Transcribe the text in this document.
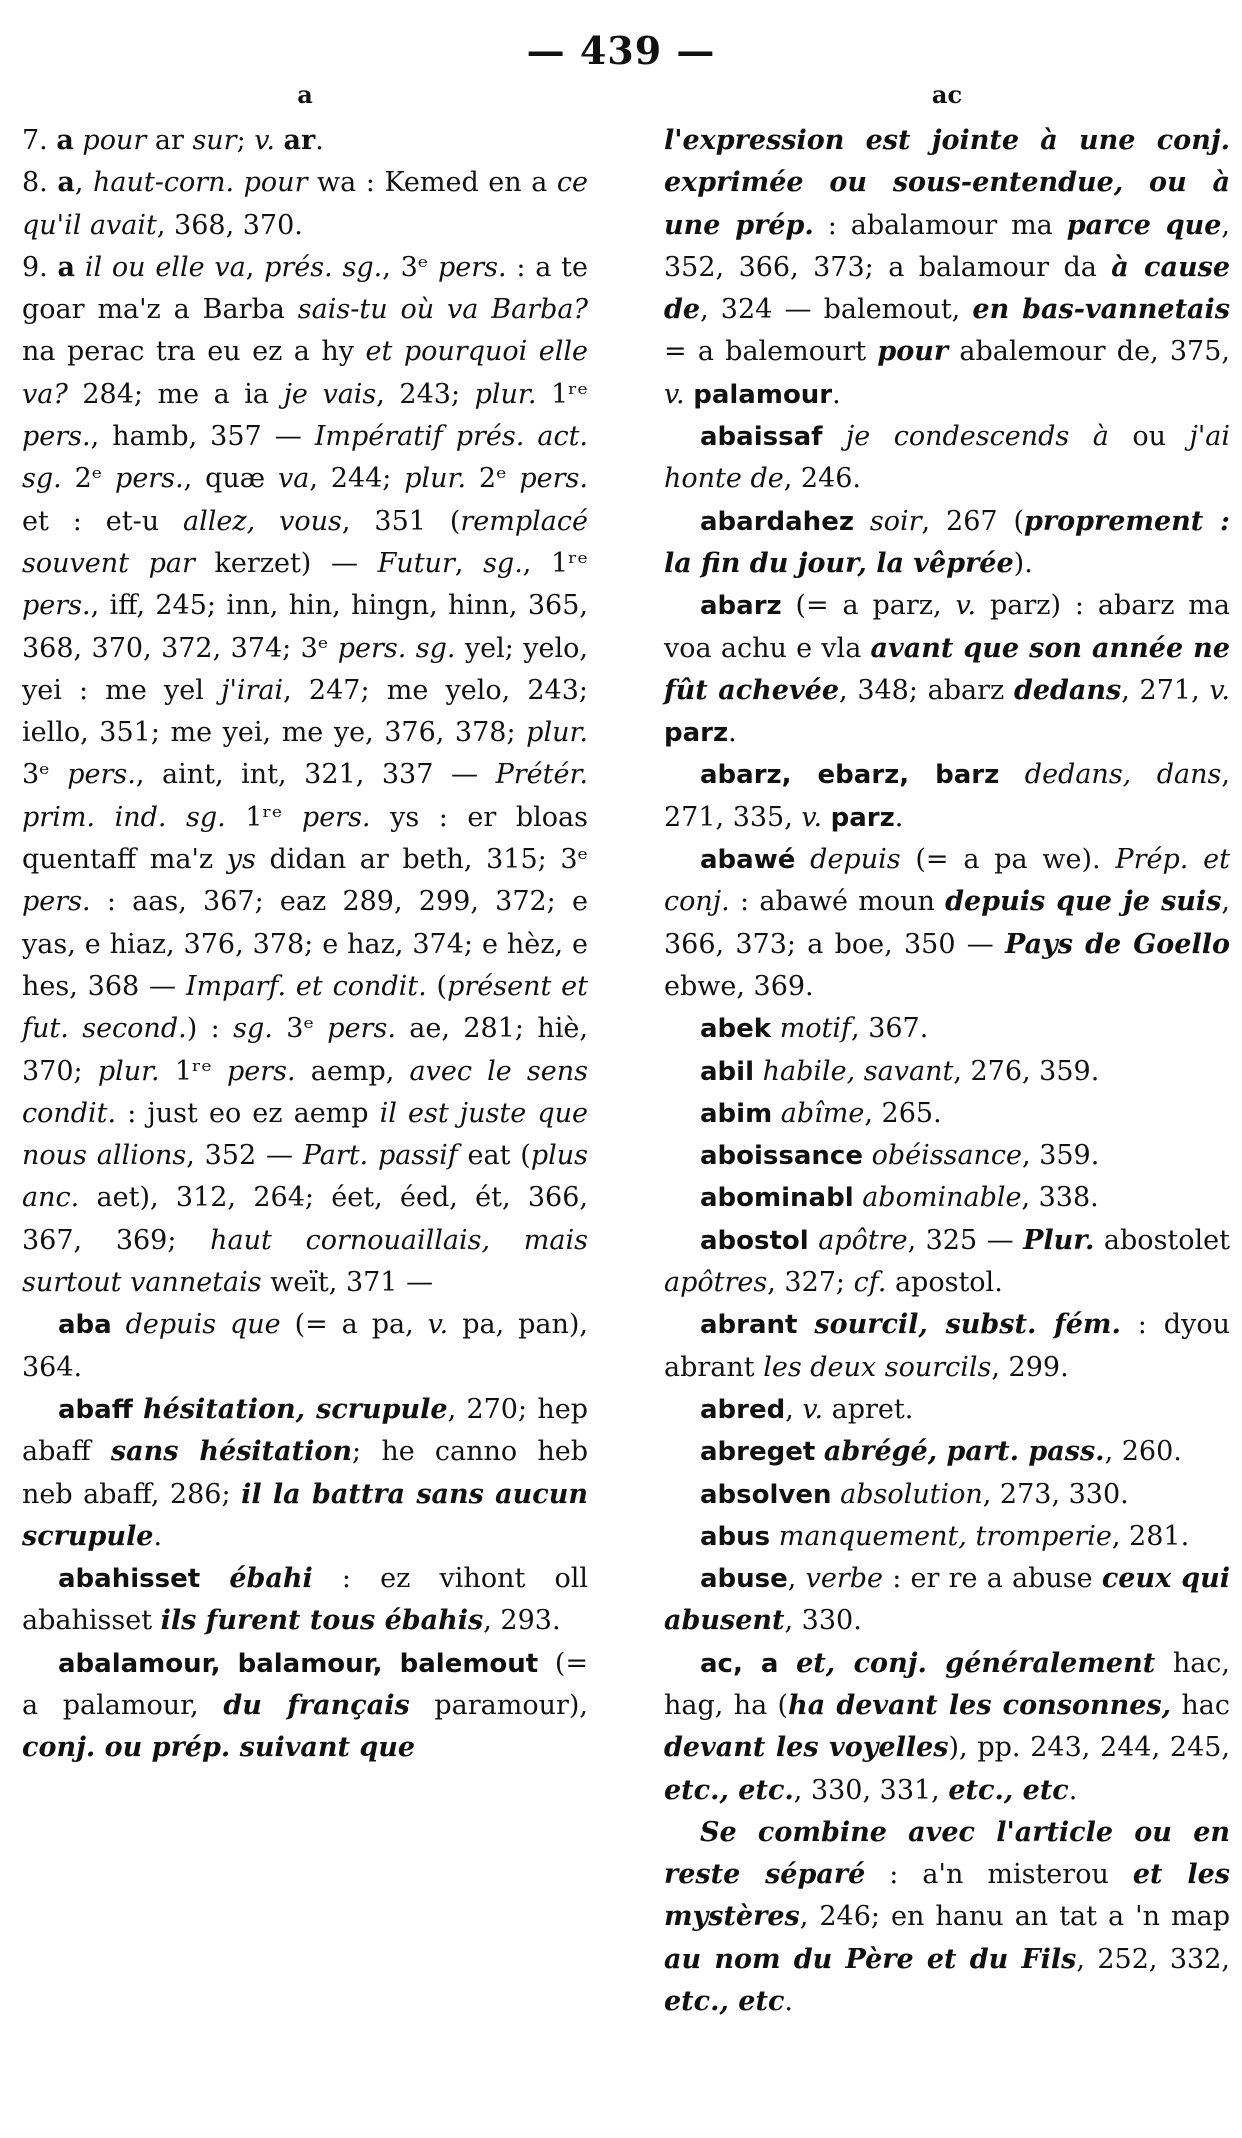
— 439 —
a	ac

7. a pour ar sur; v. ar.

8. a, haut-corn. pour wa : Kemed en a ce qu'il avait, 368, 370.

9. a il ou elle va, prés. sg., 3ᵉ pers. : a te goar ma'z a Barba sais-tu où va Barba? na perac tra eu ez a hy et pourquoi elle va? 284; me a ia je vais, 243; plur. 1ʳᵉ pers., hamb, 357 — Impératif prés. act. sg. 2ᵉ pers., quæ va, 244; plur. 2ᵉ pers. et : et-u allez, vous, 351 (remplacé souvent par kerzet) — Futur, sg., 1ʳᵉ pers., iff, 245; inn, hin, hingn, hinn, 365, 368, 370, 372, 374; 3ᵉ pers. sg. yel; yelo, yei : me yel j'irai, 247; me yelo, 243; iello, 351; me yei, me ye, 376, 378; plur. 3ᵉ pers., aint, int, 321, 337 — Prétér. prim. ind. sg. 1ʳᵉ pers. ys : er bloas quentaff ma'z ys didan ar beth, 315; 3ᵉ pers. : aas, 367; eaz 289, 299, 372; e yas, e hiaz, 376, 378; e haz, 374; e hèz, e hes, 368 — Imparf. et condit. (présent et fut. second.) : sg. 3ᵉ pers. ae, 281; hiè, 370; plur. 1ʳᵉ pers. aemp, avec le sens condit. : just eo ez aemp il est juste que nous allions, 352 — Part. passif eat (plus anc. aet), 312, 264; éet, éed, ét, 366, 367, 369; haut cornouaillais, mais surtout vannetais weït, 371 —

aba depuis que (= a pa, v. pa, pan), 364.

abaff hésitation, scrupule, 270; hep abaff sans hésitation; he canno heb neb abaff, 286; il la battra sans aucun scrupule.

abahisset ébahi : ez vihont oll abahisset ils furent tous ébahis, 293.

abalamour, balamour, balemout (= a palamour, du français paramour), conj. ou prép. suivant que

l'expression est jointe à une conj. exprimée ou sous-entendue, ou à une prép. : abalamour ma parce que, 352, 366, 373; a balamour da à cause de, 324 — balemout, en bas-vannetais = a balemourt pour abalemour de, 375, v. palamour.

abaissaf je condescends à ou j'ai honte de, 246.

abardahez soir, 267 (proprement : la fin du jour, la vêprée).

abarz (= a parz, v. parz) : abarz ma voa achu e vla avant que son année ne fût achevée, 348; abarz dedans, 271, v. parz.

abarz, ebarz, barz dedans, dans, 271, 335, v. parz.

abawé depuis (= a pa we). Prép. et conj. : abawé moun depuis que je suis, 366, 373; a boe, 350 — Pays de Goello ebwe, 369.

abek motif, 367.

abil habile, savant, 276, 359.

abim abîme, 265.

aboissance obéissance, 359.

abominabl abominable, 338.

abostol apôtre, 325 — Plur. abostolet apôtres, 327; cf. apostol.

abrant sourcil, subst. fém. : dyou abrant les deux sourcils, 299.

abred, v. apret.

abreget abrégé, part. pass., 260.

absolven absolution, 273, 330.

abus manquement, tromperie, 281.

abuse, verbe : er re a abuse ceux qui abusent, 330.

ac, a et, conj. généralement hac, hag, ha (ha devant les consonnes, hac devant les voyelles), pp. 243, 244, 245, etc., etc., 330, 331, etc., etc.

Se combine avec l'article ou en reste séparé : a'n misterou et les mystères, 246; en hanu an tat a 'n map au nom du Père et du Fils, 252, 332, etc., etc.
